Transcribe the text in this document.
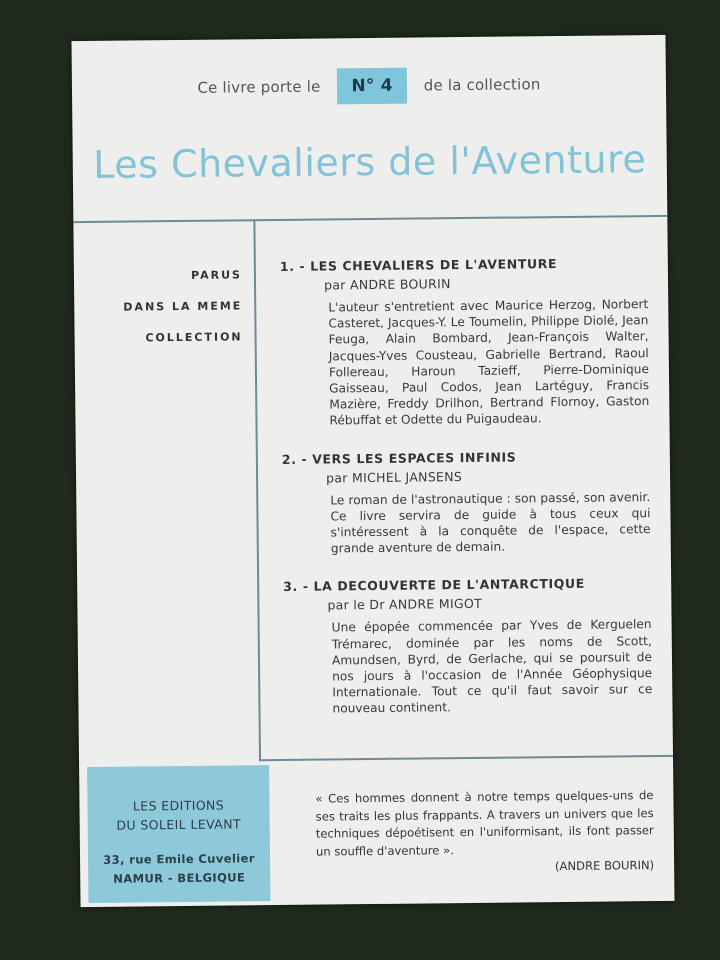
Ce livre porte le N° 4 de la collection
Les Chevaliers de l'Aventure
PARUS
DANS LA MEME
COLLECTION
1. - LES CHEVALIERS DE L'AVENTURE
par ANDRE BOURIN
L'auteur s'entretient avec Maurice Herzog, Norbert Casteret, Jacques-Y. Le Toumelin, Philippe Diolé, Jean Feuga, Alain Bombard, Jean-François Walter, Jacques-Yves Cousteau, Gabrielle Bertrand, Raoul Follereau, Haroun Tazieff, Pierre-Dominique Gaisseau, Paul Codos, Jean Lartéguy, Francis Mazière, Freddy Drilhon, Bertrand Flornoy, Gaston Rébuffat et Odette du Puigaudeau.
2. - VERS LES ESPACES INFINIS
par MICHEL JANSENS
Le roman de l'astronautique : son passé, son avenir. Ce livre servira de guide à tous ceux qui s'intéressent à la conquête de l'espace, cette grande aventure de demain.
3. - LA DECOUVERTE DE L'ANTARCTIQUE
par le Dr ANDRE MIGOT
Une épopée commencée par Yves de Kerguelen Trémarec, dominée par les noms de Scott, Amundsen, Byrd, de Gerlache, qui se poursuit de nos jours à l'occasion de l'Année Géophysique Internationale. Tout ce qu'il faut savoir sur ce nouveau continent.
LES EDITIONS
DU SOLEIL LEVANT
33, rue Emile Cuvelier
NAMUR - BELGIQUE
« Ces hommes donnent à notre temps quelques-uns de ses traits les plus frappants. A travers un univers que les techniques dépoétisent en l'uniformisant, ils font passer un souffle d'aventure ».
(ANDRE BOURIN)
